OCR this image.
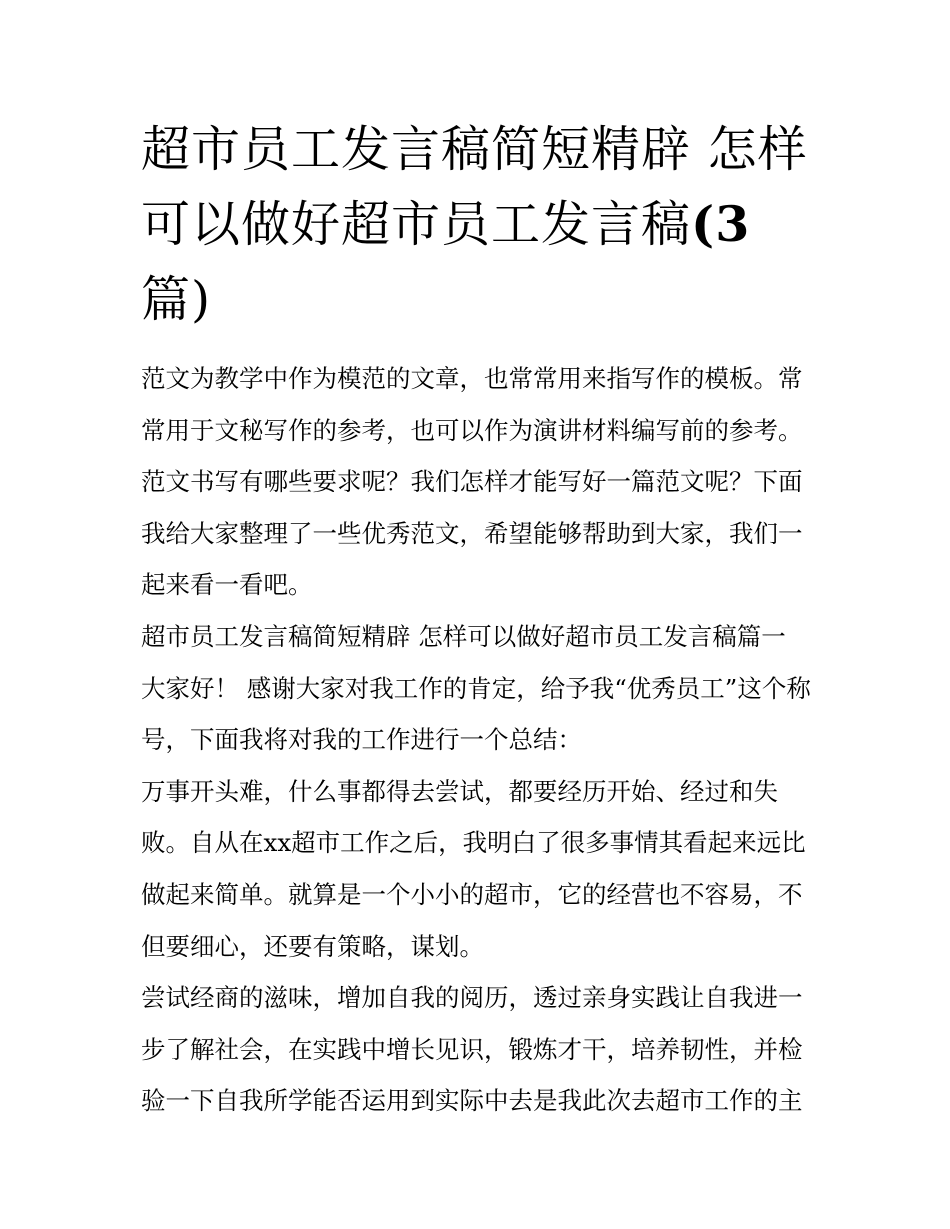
超市员工发言稿简短精辟 怎样可以做好超市员工发言稿(3
篇)

范文为教学中作为模范的文章，也常常用来指写作的模板。常常用于文秘写作的参考，也可以作为演讲材料编写前的参考。范文书写有哪些要求呢？我们怎样才能写好一篇范文呢？下面我给大家整理了一些优秀范文，希望能够帮助到大家，我们一起来看一看吧。

超市员工发言稿简短精辟 怎样可以做好超市员工发言稿篇一

大家好！ 感谢大家对我工作的肯定，给予我“优秀员工”这个称号，下面我将对我的工作进行一个总结：

万事开头难，什么事都得去尝试，都要经历开始、经过和失败。自从在xx超市工作之后，我明白了很多事情其看起来远比做起来简单。就算是一个小小的超市，它的经营也不容易，不但要细心，还要有策略，谋划。

尝试经商的滋味，增加自我的阅历，透过亲身实践让自我进一步了解社会，在实践中增长见识，锻炼才干，培养韧性，并检验一下自我所学能否运用到实际中去是我此次去超市工作的主
